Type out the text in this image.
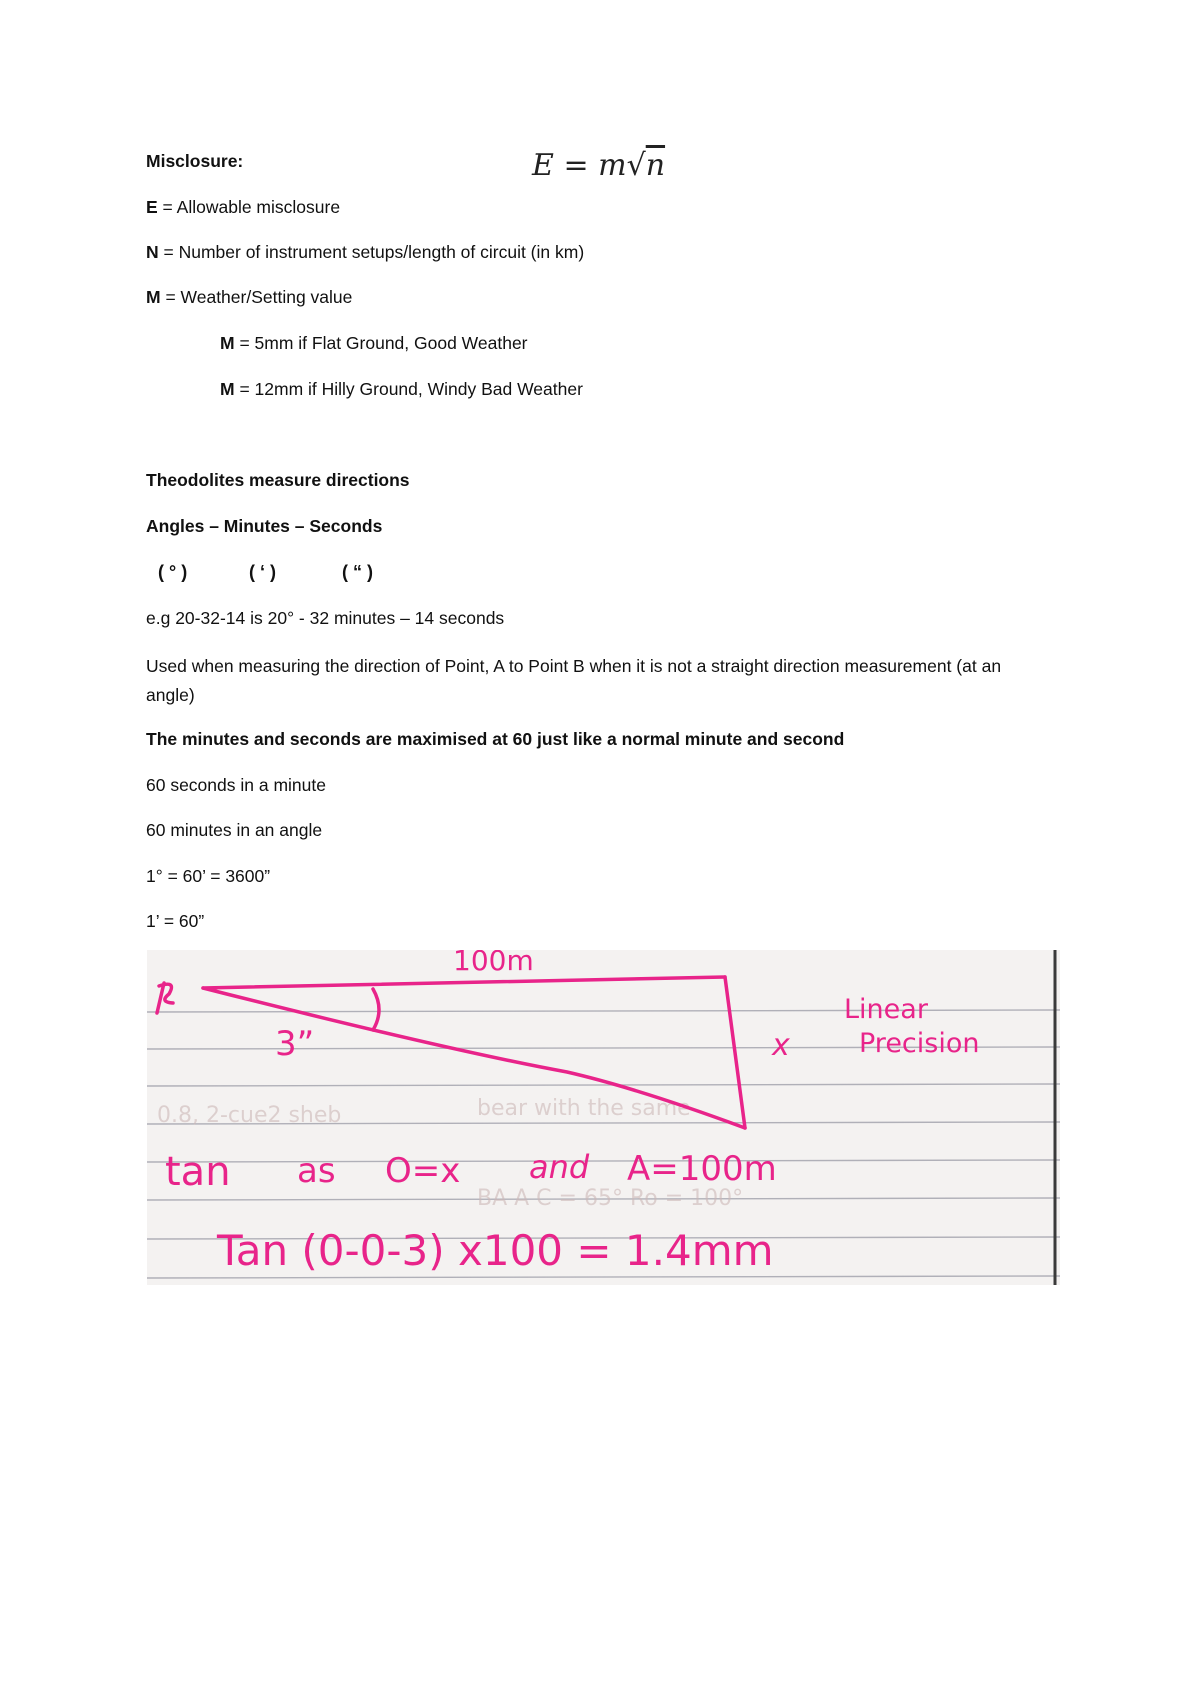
Misclosure:	E = m√n
E = Allowable misclosure
N = Number of instrument setups/length of circuit (in km)
M = Weather/Setting value
M = 5mm if Flat Ground, Good Weather
M = 12mm if Hilly Ground, Windy Bad Weather
Theodolites measure directions
Angles – Minutes – Seconds
( ° )	( ‘ )	( “ )
e.g 20-32-14 is 20° - 32 minutes – 14 seconds
Used when measuring the direction of Point, A to Point B when it is not a straight direction measurement (at an angle)
The minutes and seconds are maximised at 60 just like a normal minute and second
60 seconds in a minute
60 minutes in an angle
1° = 60’ = 3600”
1’ = 60”
0.8, 2-cue2 sheb	bear with the same
BA A C = 65° Ro = 100°
100m
3”	x
Linear
Precision
tan as O=x and A=100m
Tan (0-0-3) x100 = 1.4mm
